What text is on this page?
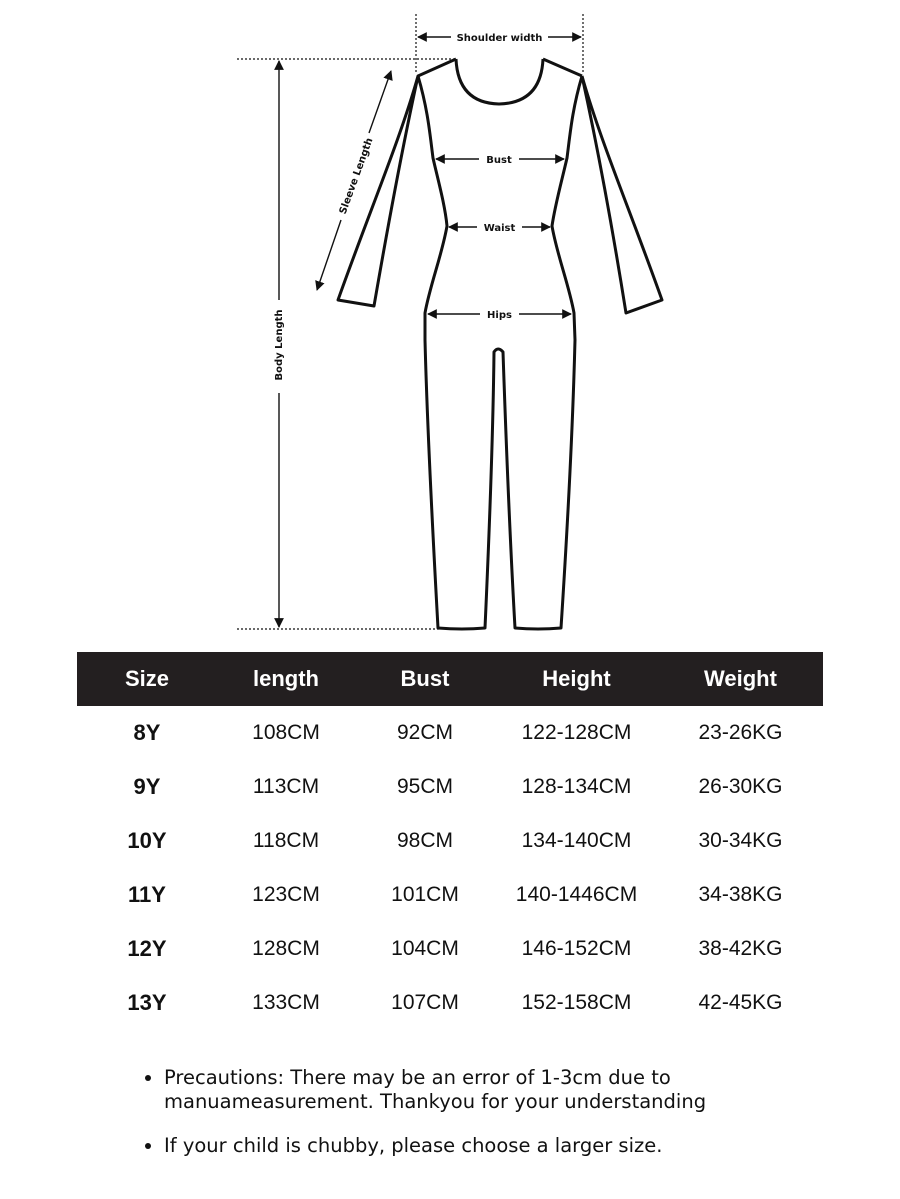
Shoulder width
Body Length
Sleeve Length	Bust
Waist
Hips
Size	length	Bust	Height	Weight
8Y	108CM	92CM	122-128CM	23-26KG
9Y	113CM	95CM	128-134CM	26-30KG
10Y	118CM	98CM	134-140CM	30-34KG
11Y	123CM	101CM	140-1446CM	34-38KG
12Y	128CM	104CM	146-152CM	38-42KG
13Y	133CM	107CM	152-158CM	42-45KG
• Precautions: There may be an error of 1-3cm due to manuameasurement. Thankyou for your understanding
• If your child is chubby, please choose a larger size.
